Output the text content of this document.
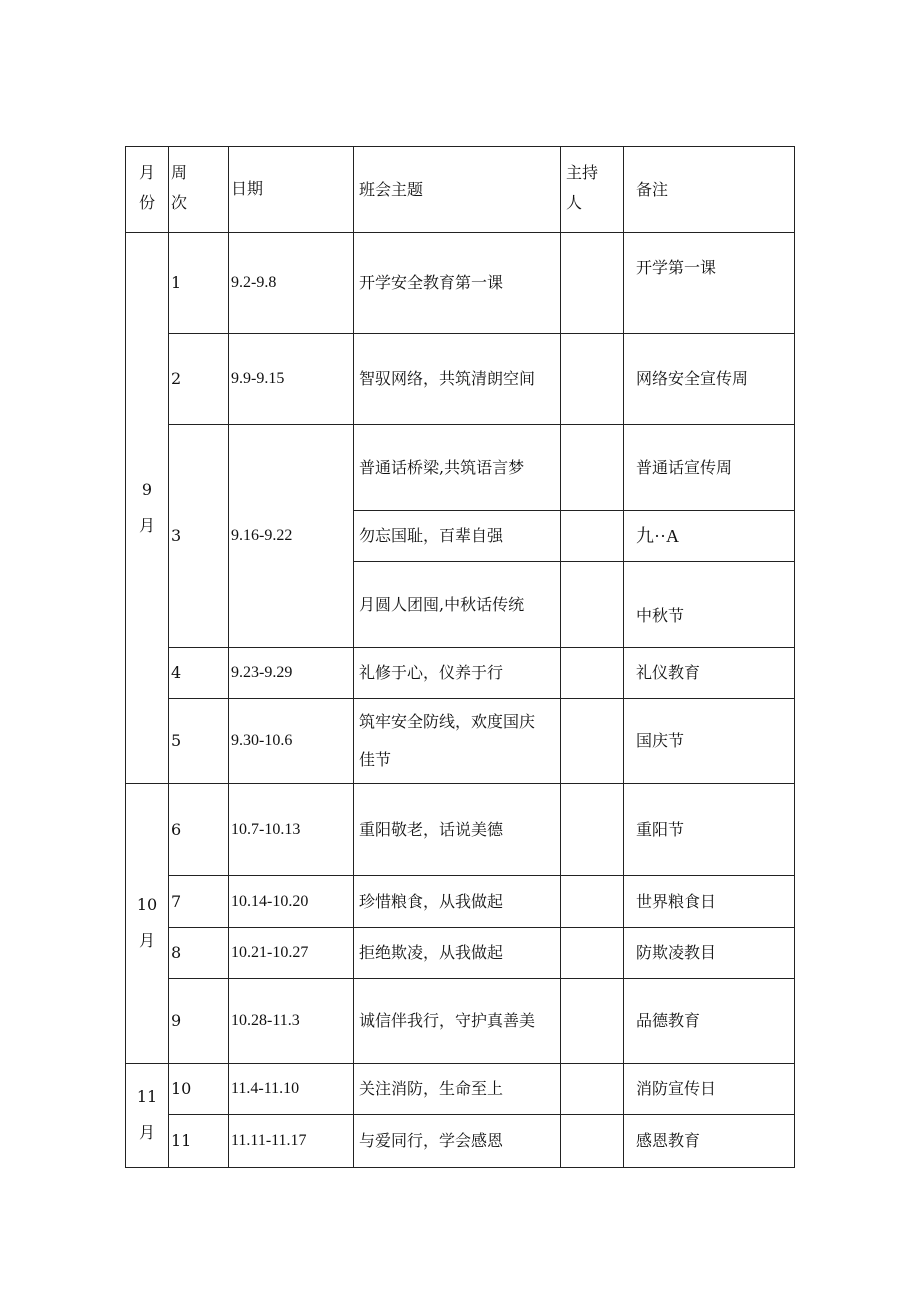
月份	周次	日期	班会主题	主持人	备注
9月	1	9.2-9.8	开学安全教育第一课		开学第一课
	2	9.9-9.15	智驭网络，共筑清朗空间		网络安全宣传周
	3	9.16-9.22	普通话桥梁,共筑语言梦		普通话宣传周
			勿忘国耻，百辈自强		九··A

			月圆人团囤,中秋话传统		中秋节
	4	9.23-9.29	礼修于心，仪养于行		礼仪教育
	5	9.30-10.6	筑牢安全防线，欢度国庆佳节		国庆节
10月	6	10.7-10.13	重阳敬老，话说美德		重阳节
	7	10.14-10.20	珍惜粮食，从我做起		世界粮食日
	8	10.21-10.27	拒绝欺凌，从我做起		防欺凌教目
	9	10.28-11.3	诚信伴我行，守护真善美		品德教育
11月	10	11.4-11.10	关注消防，生命至上		消防宣传日
	11	11.11-11.17	与爱同行，学会感恩		感恩教育
